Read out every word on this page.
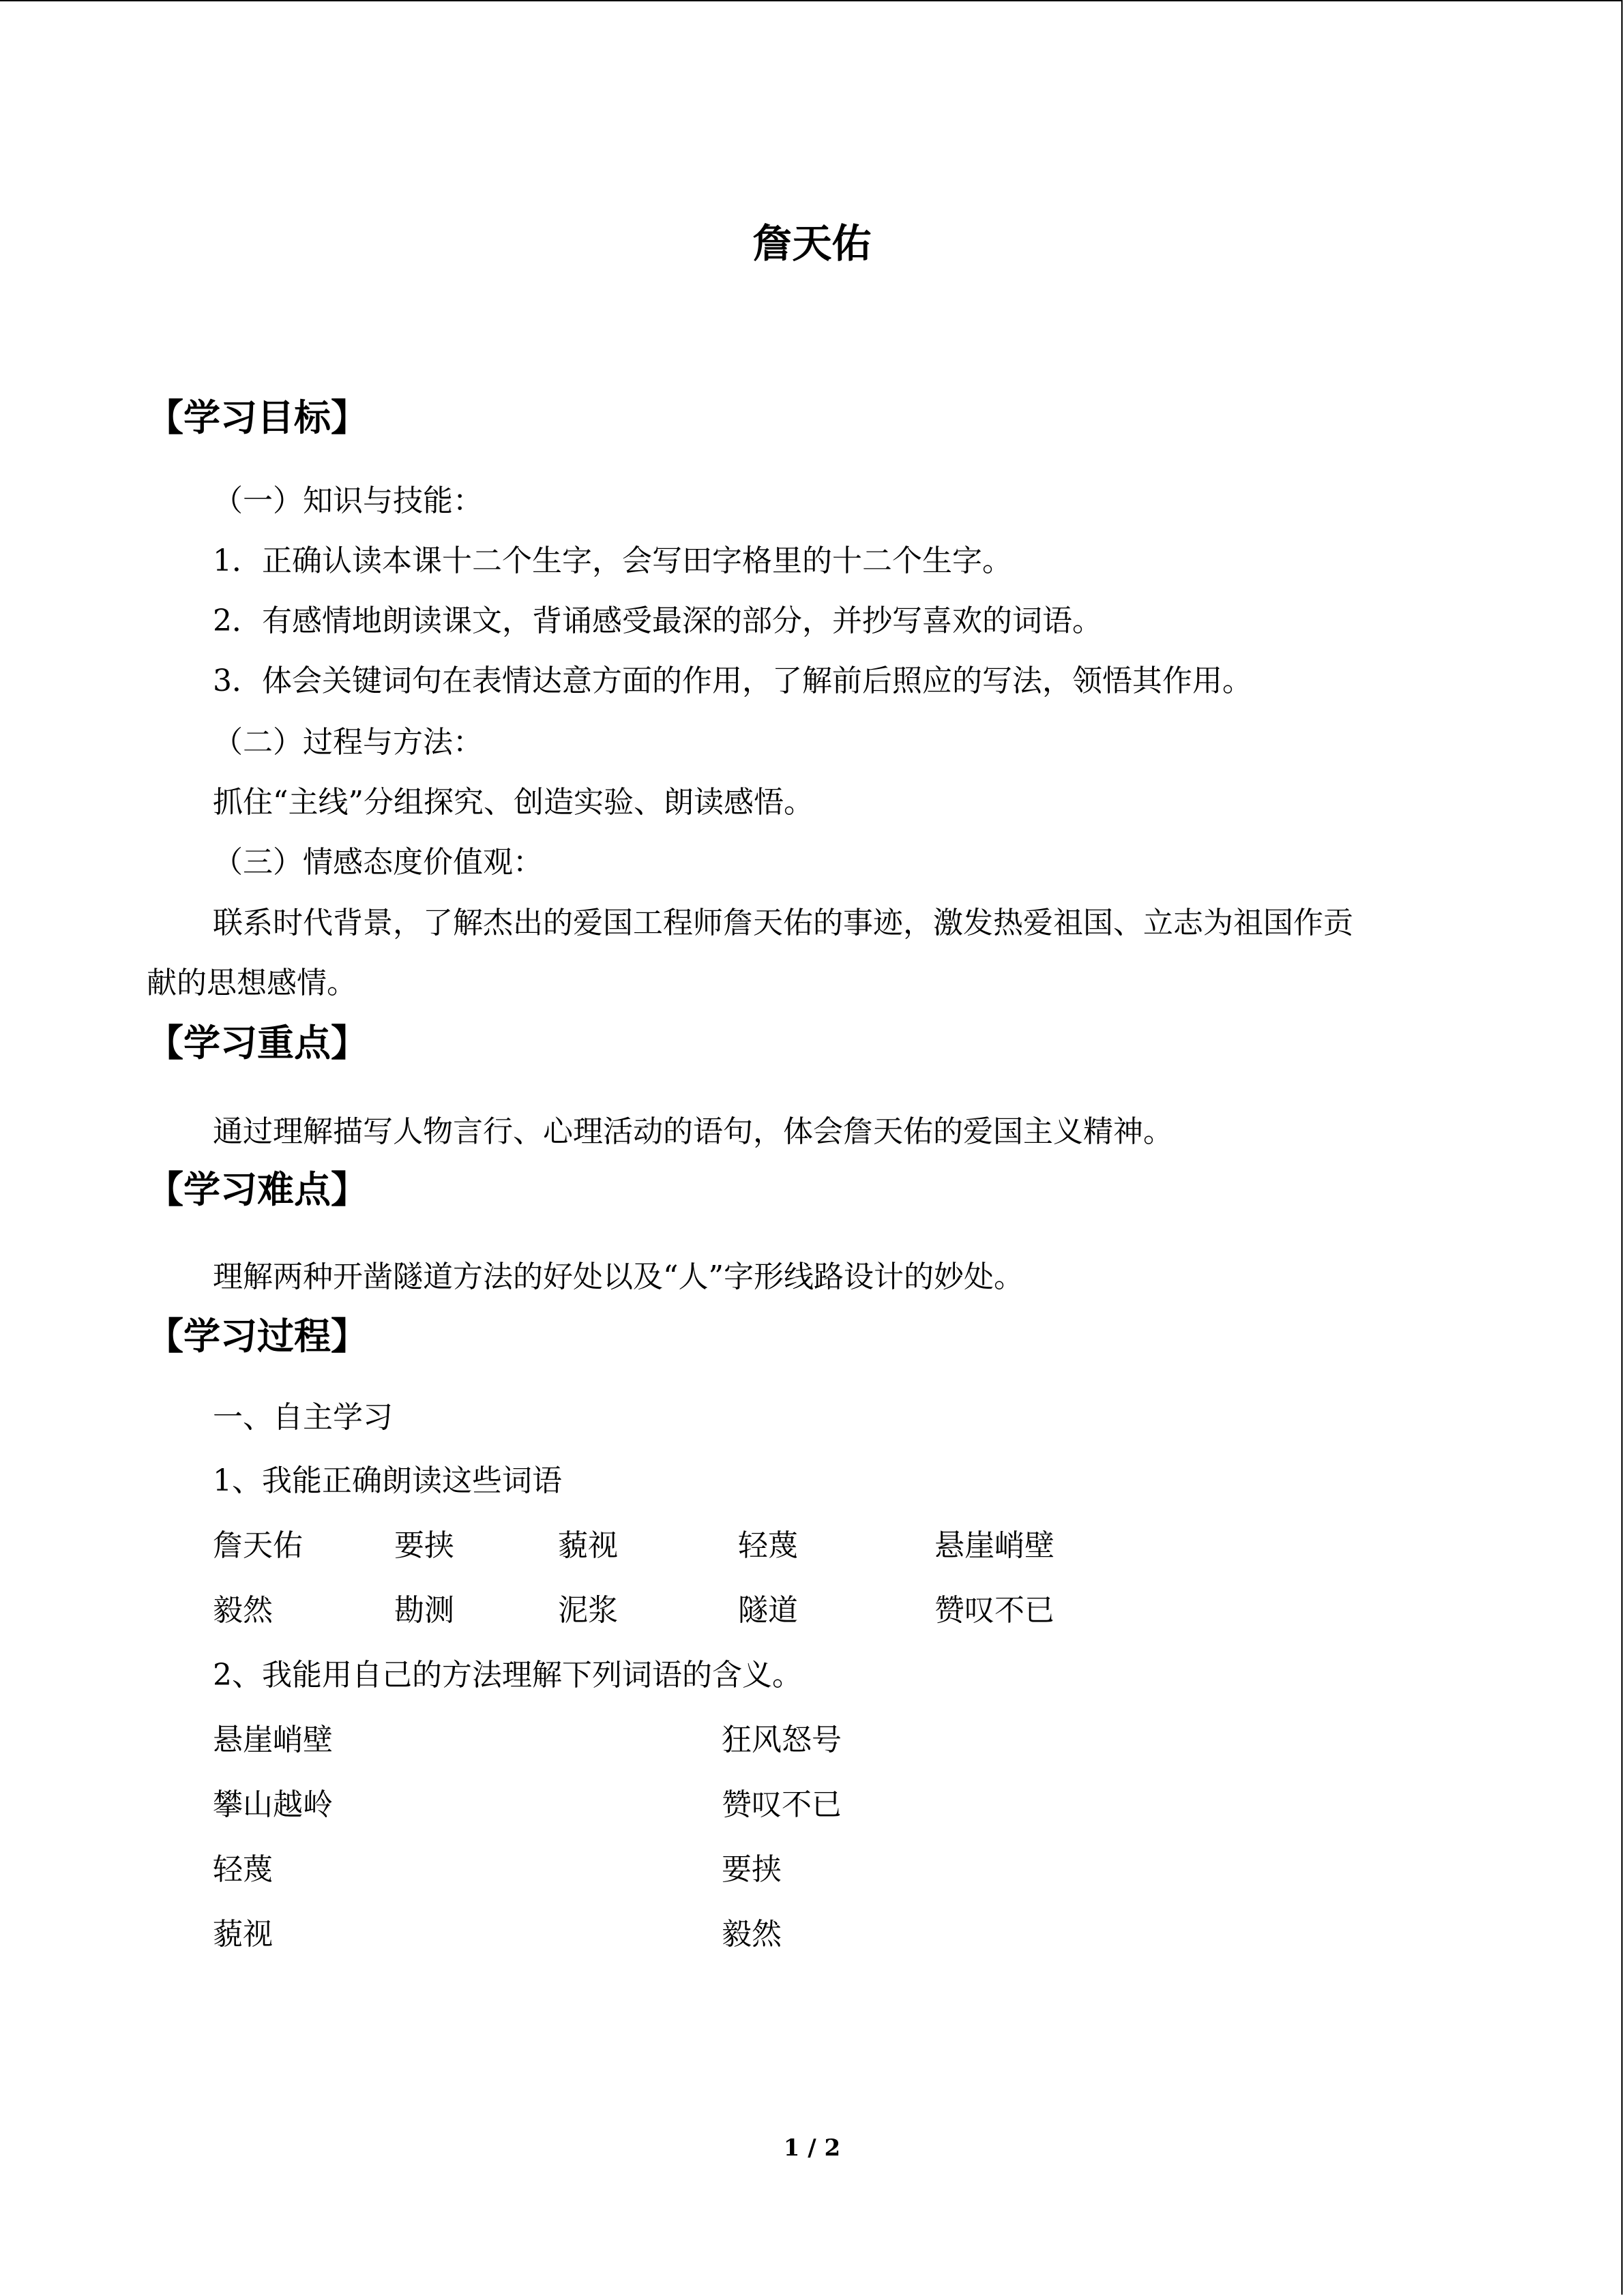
詹天佑
【学习目标】
（一）知识与技能：
1．正确认读本课十二个生字，会写田字格里的十二个生字。
2．有感情地朗读课文，背诵感受最深的部分，并抄写喜欢的词语。
3．体会关键词句在表情达意方面的作用，了解前后照应的写法，领悟其作用。
（二）过程与方法：
抓住“主线”分组探究、创造实验、朗读感悟。
（三）情感态度价值观：
联系时代背景，了解杰出的爱国工程师詹天佑的事迹，激发热爱祖国、立志为祖国作贡
献的思想感情。
【学习重点】
通过理解描写人物言行、心理活动的语句，体会詹天佑的爱国主义精神。
【学习难点】
理解两种开凿隧道方法的好处以及“人”字形线路设计的妙处。
【学习过程】
一、自主学习
1、我能正确朗读这些词语
詹天佑	要挟	藐视	轻蔑	悬崖峭壁
毅然	勘测	泥浆	隧道	赞叹不已
2、我能用自己的方法理解下列词语的含义。
悬崖峭壁	狂风怒号
攀山越岭	赞叹不已
轻蔑	要挟
藐视	毅然
1 / 2
